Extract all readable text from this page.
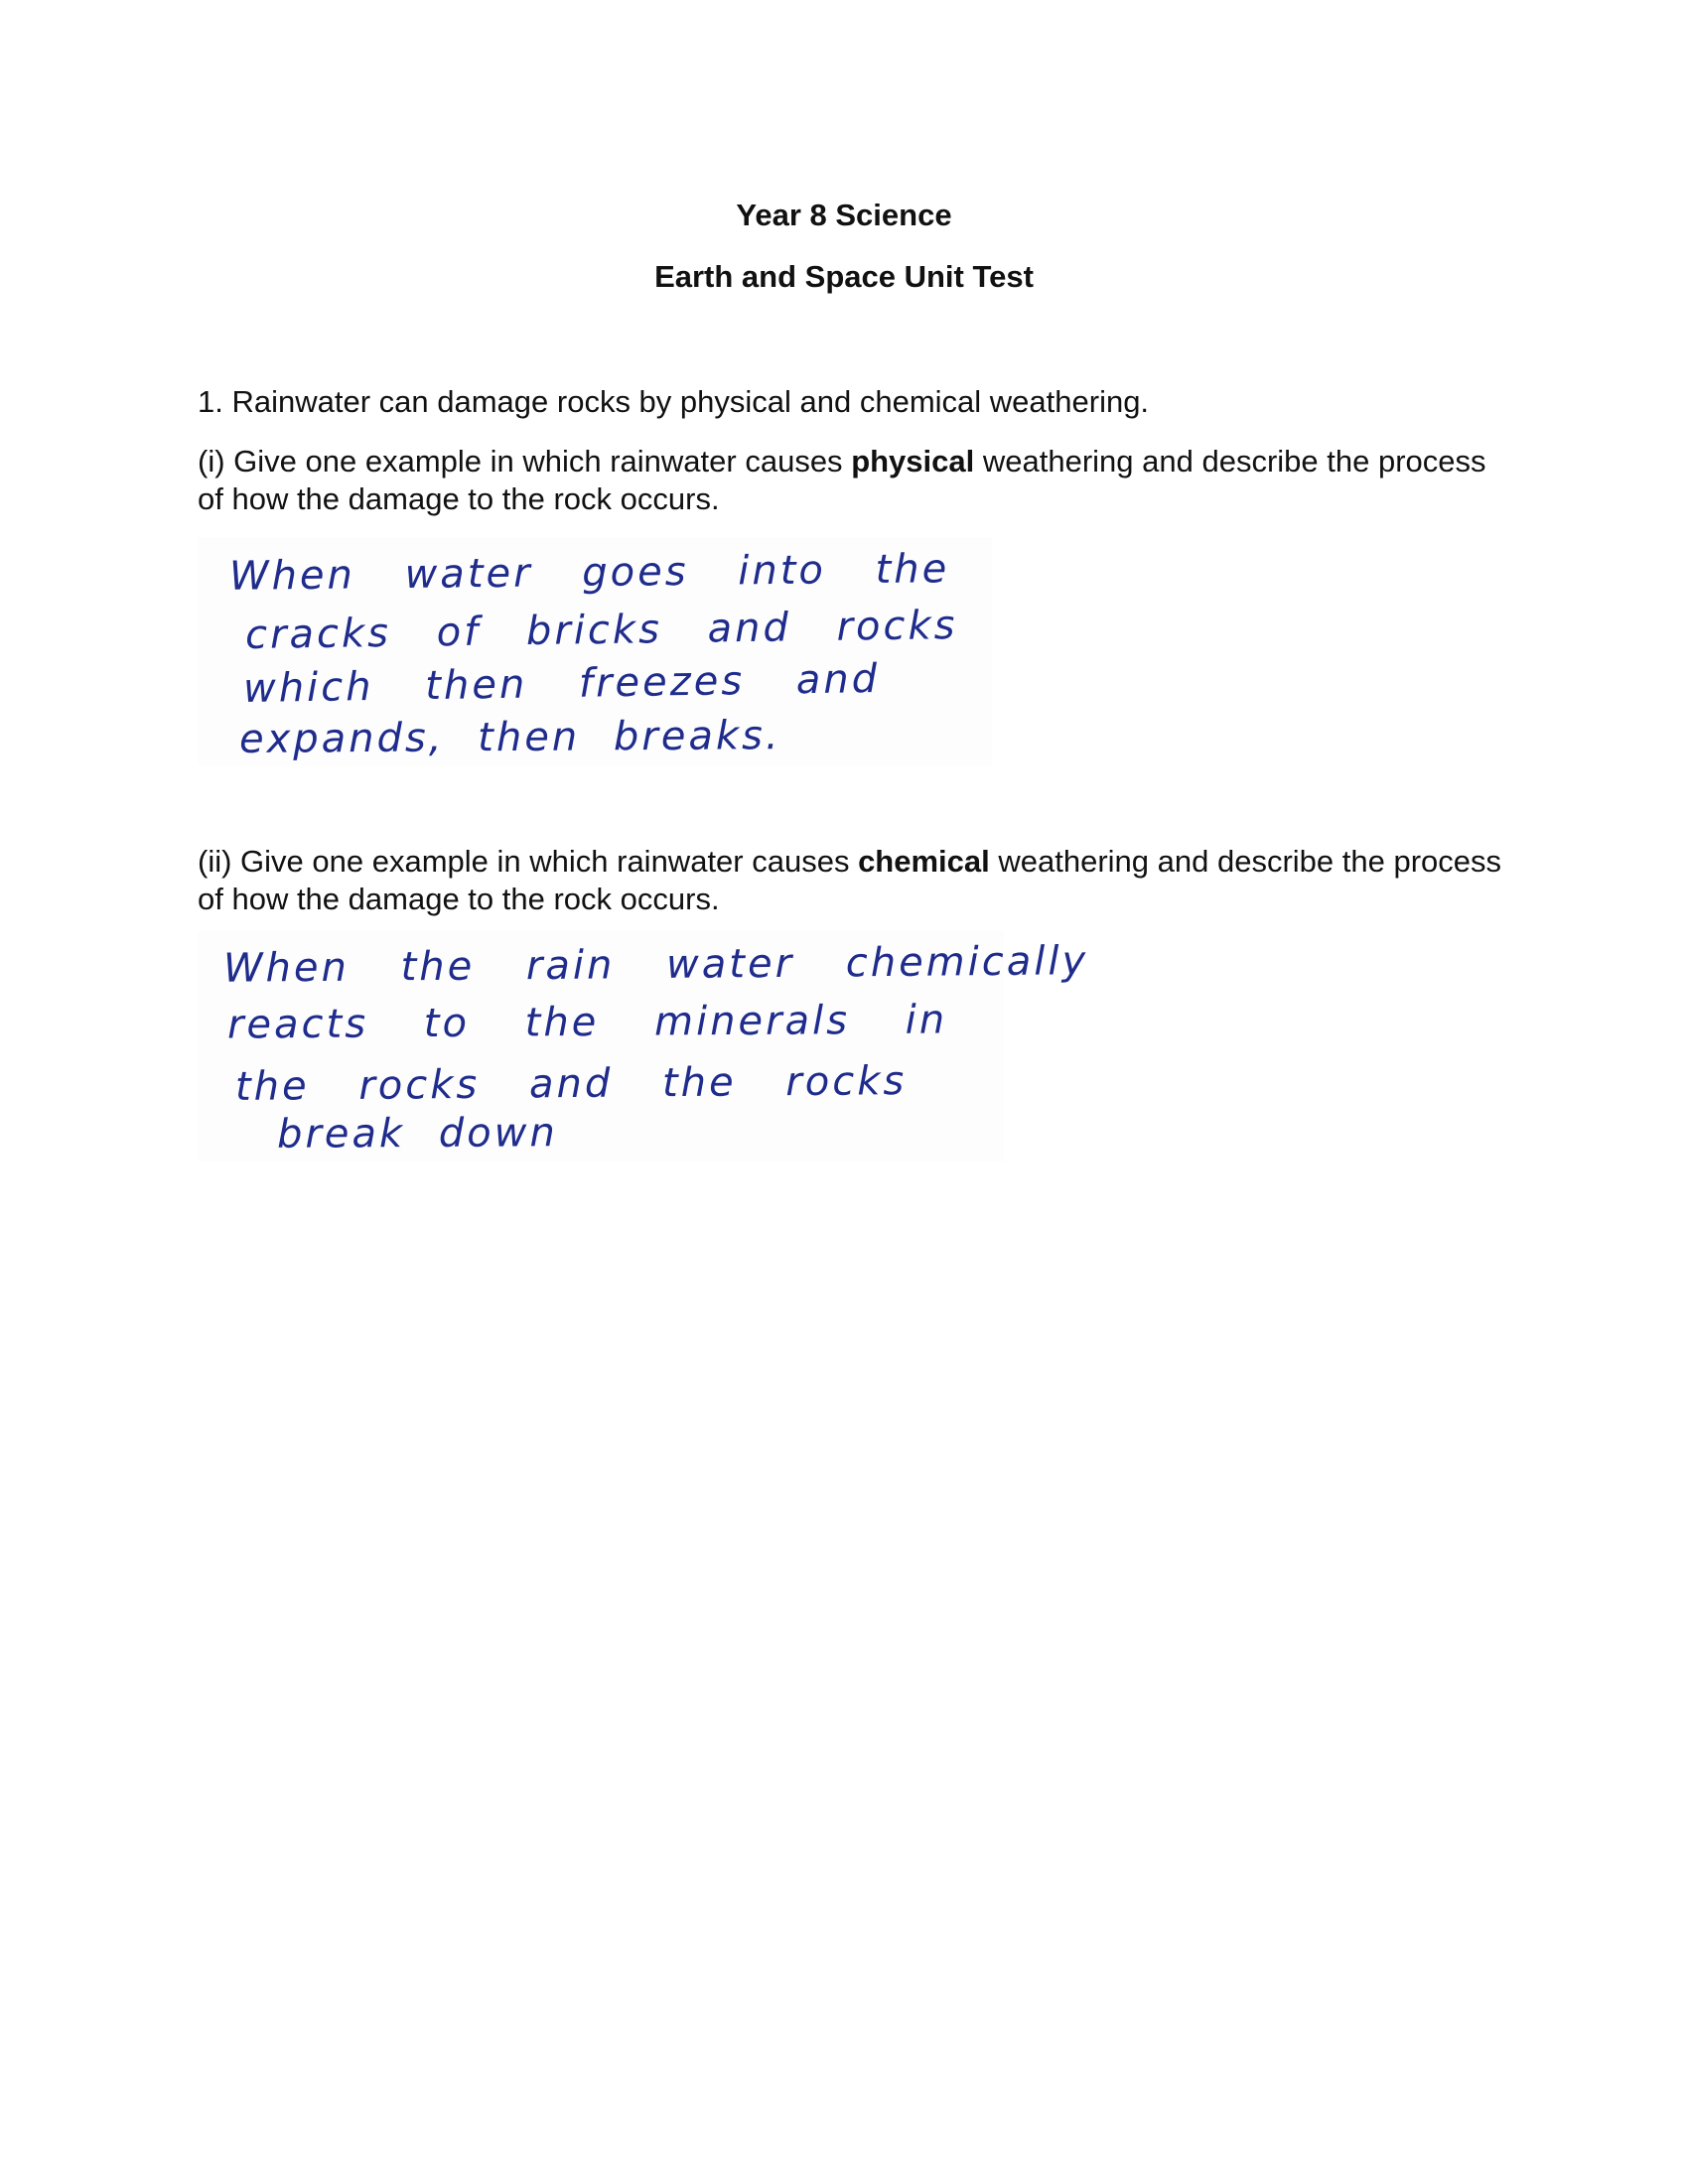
Year 8 Science
Earth and Space Unit Test
1. Rainwater can damage rocks by physical and chemical weathering.
(i) Give one example in which rainwater causes physical weathering and describe the process of how the damage to the rock occurs.
When water goes into the
cracks of bricks and rocks
which then freezes and
expands, then breaks.
(ii) Give one example in which rainwater causes chemical weathering and describe the process of how the damage to the rock occurs.
When the rain water chemically
reacts to the minerals in
the rocks and the rocks
break down
